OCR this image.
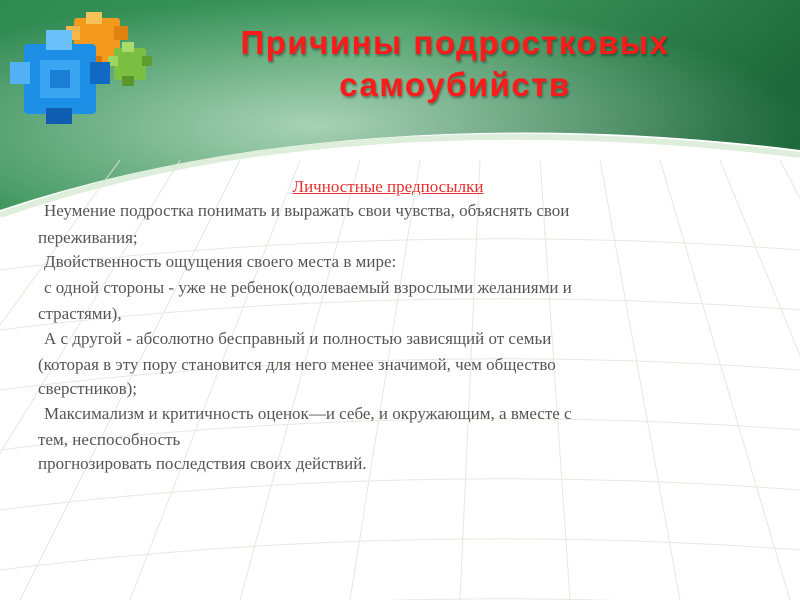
Причины подростковых
самоубийств
Личностные предпосылки
Неумение подростка понимать и выражать свои чувства, объяснять свои
переживания;
Двойственность ощущения своего места в мире:
с одной стороны - уже не ребенок(одолеваемый взрослыми желаниями и
страстями),
А с другой - абсолютно бесправный и полностью зависящий от семьи
(которая в эту пору становится для него менее значимой, чем общество
сверстников);
Максимализм и критичность оценок—и себе, и окружающим, а вместе с
тем, неспособность
прогнозировать последствия своих действий.
